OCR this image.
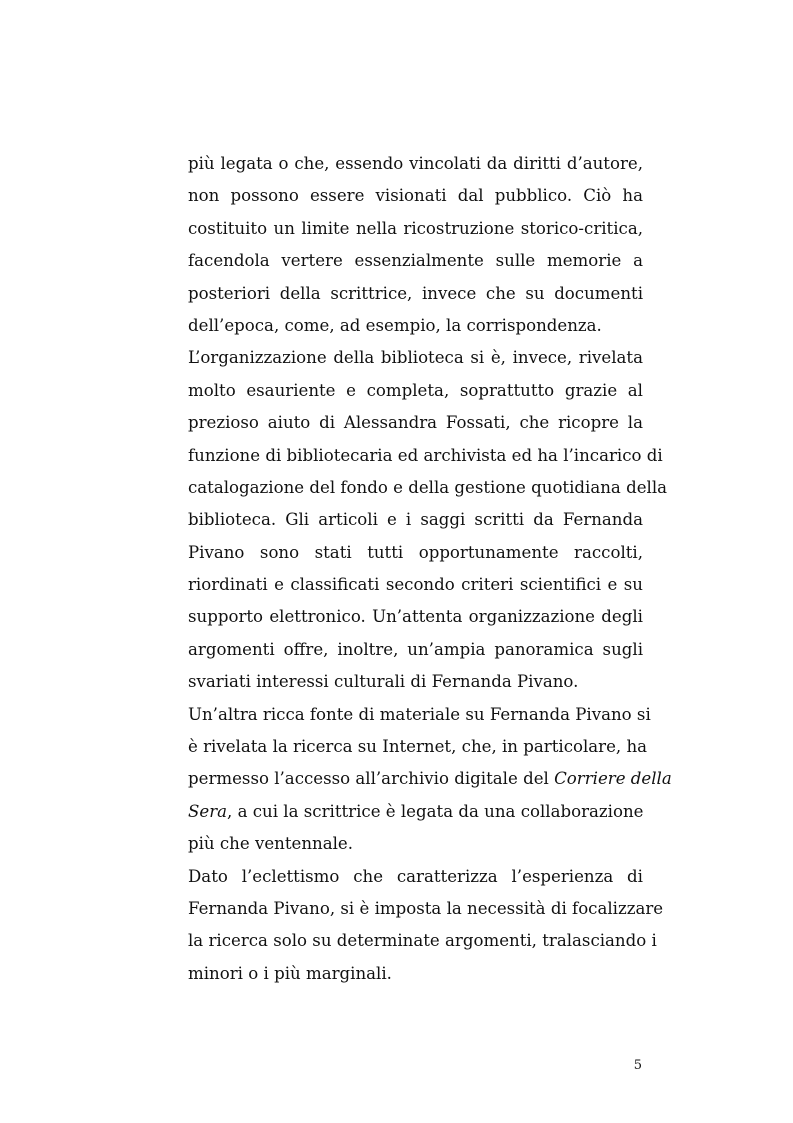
più legata o che, essendo vincolati da diritti d’autore,
non possono essere visionati dal pubblico. Ciò ha
costituito un limite nella ricostruzione storico-critica,
facendola vertere essenzialmente sulle memorie a
posteriori della scrittrice, invece che su documenti
dell’epoca, come, ad esempio, la corrispondenza.
L’organizzazione della biblioteca si è, invece, rivelata
molto esauriente e completa, soprattutto grazie al
prezioso aiuto di Alessandra Fossati, che ricopre la
funzione di bibliotecaria ed archivista ed ha l’incarico di
catalogazione del fondo e della gestione quotidiana della
biblioteca. Gli articoli e i saggi scritti da Fernanda
Pivano sono stati tutti opportunamente raccolti,
riordinati e classificati secondo criteri scientifici e su
supporto elettronico. Un’attenta organizzazione degli
argomenti offre, inoltre, un’ampia panoramica sugli
svariati interessi culturali di Fernanda Pivano.
Un’altra ricca fonte di materiale su Fernanda Pivano si
è rivelata la ricerca su Internet, che, in particolare, ha
permesso l’accesso all’archivio digitale del Corriere della
Sera, a cui la scrittrice è legata da una collaborazione
più che ventennale.
Dato l’eclettismo che caratterizza l’esperienza di
Fernanda Pivano, si è imposta la necessità di focalizzare
la ricerca solo su determinate argomenti, tralasciando i
minori o i più marginali.
5
